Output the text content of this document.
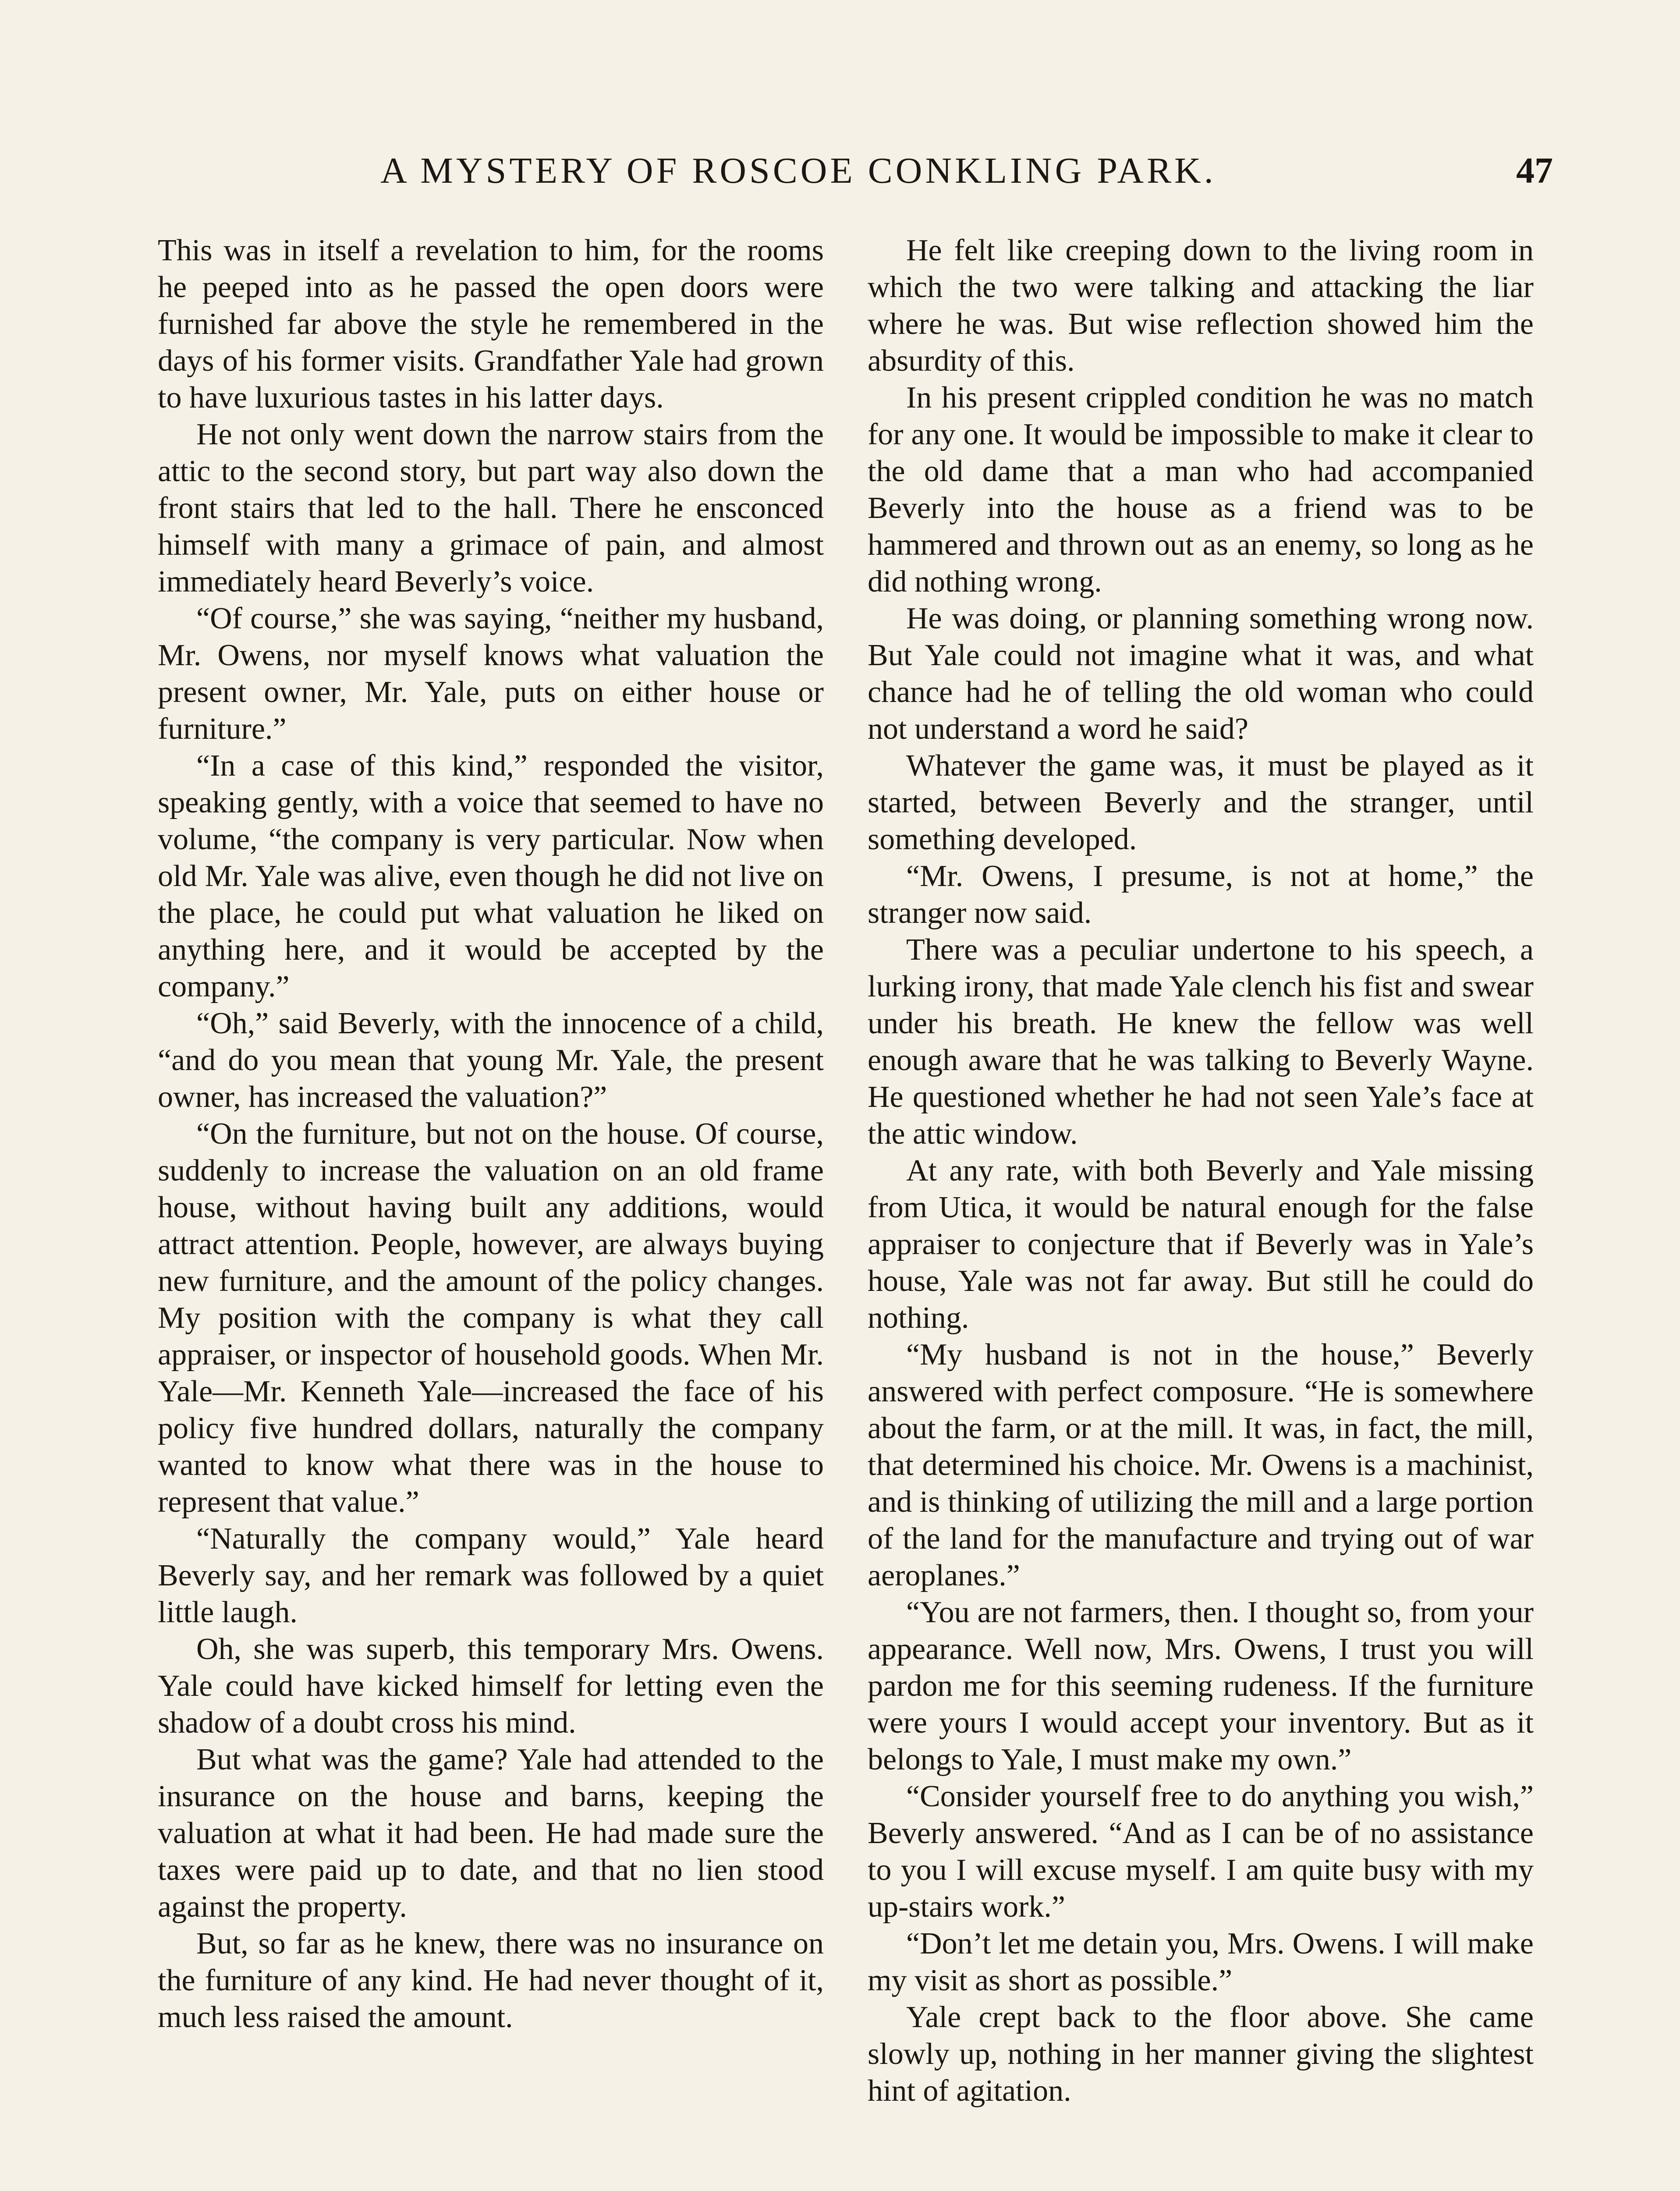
A MYSTERY OF ROSCOE CONKLING PARK.	47

This was in itself a revelation to him, for the rooms he peeped into as he passed the open doors were furnished far above the style he remembered in the days of his former visits. Grandfather Yale had grown to have luxurious tastes in his latter days.

He not only went down the narrow stairs from the attic to the second story, but part way also down the front stairs that led to the hall. There he ensconced himself with many a grimace of pain, and almost immediately heard Beverly’s voice.

“Of course,” she was saying, “neither my husband, Mr. Owens, nor myself knows what valuation the present owner, Mr. Yale, puts on either house or furniture.”

“In a case of this kind,” responded the visitor, speaking gently, with a voice that seemed to have no volume, “the company is very particular. Now when old Mr. Yale was alive, even though he did not live on the place, he could put what valuation he liked on anything here, and it would be accepted by the company.”

“Oh,” said Beverly, with the innocence of a child, “and do you mean that young Mr. Yale, the present owner, has increased the valuation?”

“On the furniture, but not on the house. Of course, suddenly to increase the valuation on an old frame house, without having built any additions, would attract attention. People, however, are always buying new furniture, and the amount of the policy changes. My position with the company is what they call appraiser, or inspector of household goods. When Mr. Yale—Mr. Kenneth Yale—increased the face of his policy five hundred dollars, naturally the company wanted to know what there was in the house to represent that value.”

“Naturally the company would,” Yale heard Beverly say, and her remark was followed by a quiet little laugh.

Oh, she was superb, this temporary Mrs. Owens. Yale could have kicked himself for letting even the shadow of a doubt cross his mind.

But what was the game? Yale had attended to the insurance on the house and barns, keeping the valuation at what it had been. He had made sure the taxes were paid up to date, and that no lien stood against the property.

But, so far as he knew, there was no insurance on the furniture of any kind. He had never thought of it, much less raised the amount.

He felt like creeping down to the living room in which the two were talking and attacking the liar where he was. But wise reflection showed him the absurdity of this.

In his present crippled condition he was no match for any one. It would be impossible to make it clear to the old dame that a man who had accompanied Beverly into the house as a friend was to be hammered and thrown out as an enemy, so long as he did nothing wrong.

He was doing, or planning something wrong now. But Yale could not imagine what it was, and what chance had he of telling the old woman who could not understand a word he said?

Whatever the game was, it must be played as it started, between Beverly and the stranger, until something developed.

“Mr. Owens, I presume, is not at home,” the stranger now said.

There was a peculiar undertone to his speech, a lurking irony, that made Yale clench his fist and swear under his breath. He knew the fellow was well enough aware that he was talking to Beverly Wayne. He questioned whether he had not seen Yale’s face at the attic window.

At any rate, with both Beverly and Yale missing from Utica, it would be natural enough for the false appraiser to conjecture that if Beverly was in Yale’s house, Yale was not far away. But still he could do nothing.

“My husband is not in the house,” Beverly answered with perfect composure. “He is somewhere about the farm, or at the mill. It was, in fact, the mill, that determined his choice. Mr. Owens is a machinist, and is thinking of utilizing the mill and a large portion of the land for the manufacture and trying out of war aeroplanes.”

“You are not farmers, then. I thought so, from your appearance. Well now, Mrs. Owens, I trust you will pardon me for this seeming rudeness. If the furniture were yours I would accept your inventory. But as it belongs to Yale, I must make my own.”

“Consider yourself free to do anything you wish,” Beverly answered. “And as I can be of no assistance to you I will excuse myself. I am quite busy with my up-stairs work.”

“Don’t let me detain you, Mrs. Owens. I will make my visit as short as possible.”

Yale crept back to the floor above. She came slowly up, nothing in her manner giving the slightest hint of agitation.
